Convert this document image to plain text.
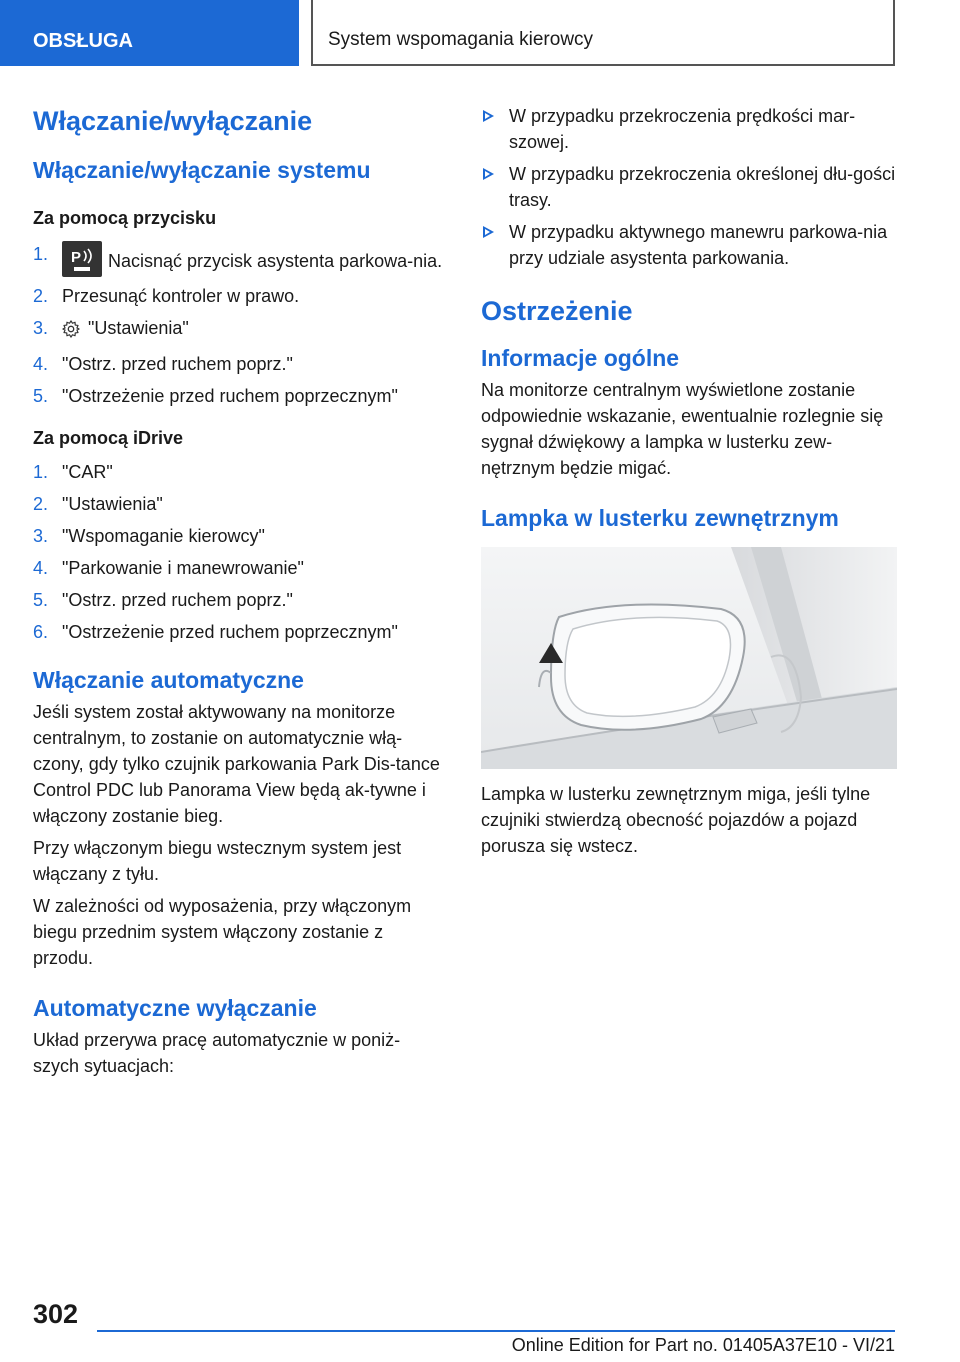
OBSŁUGA	System wspomagania kierowcy
Włączanie/wyłączanie
Włączanie/wyłączanie systemu
Za pomocą przycisku
1. P Nacisnąć przycisk asystenta parkowa-nia.
2. Przesunąć kontroler w prawo.
3. "Ustawienia"
4. "Ostrz. przed ruchem poprz."
5. "Ostrzeżenie przed ruchem poprzecznym"
Za pomocą iDrive
1. "CAR"
2. "Ustawienia"
3. "Wspomaganie kierowcy"
4. "Parkowanie i manewrowanie"
5. "Ostrz. przed ruchem poprz."
6. "Ostrzeżenie przed ruchem poprzecznym"
Włączanie automatyczne

Jeśli system został aktywowany na monitorze centralnym, to zostanie on automatycznie włą-czony, gdy tylko czujnik parkowania Park Dis-tance Control PDC lub Panorama View będą ak-tywne i włączony zostanie bieg.

Przy włączonym biegu wstecznym system jest włączany z tyłu.

W zależności od wyposażenia, przy włączonym biegu przednim system włączony zostanie z przodu.

Automatyczne wyłączanie

Układ przerywa pracę automatycznie w poniż-szych sytuacjach:

W przypadku przekroczenia prędkości mar-szowej.
W przypadku przekroczenia określonej dłu-gości trasy.
W przypadku aktywnego manewru parkowa-nia przy udziale asystenta parkowania.
Ostrzeżenie
Informacje ogólne

Na monitorze centralnym wyświetlone zostanie odpowiednie wskazanie, ewentualnie rozlegnie się sygnał dźwiękowy a lampka w lusterku zew-nętrznym będzie migać.

Lampka w lusterku zewnętrznym

Lampka w lusterku zewnętrznym miga, jeśli tylne czujniki stwierdzą obecność pojazdów a pojazd porusza się wstecz.

302
Online Edition for Part no. 01405A37E10 - VI/21
